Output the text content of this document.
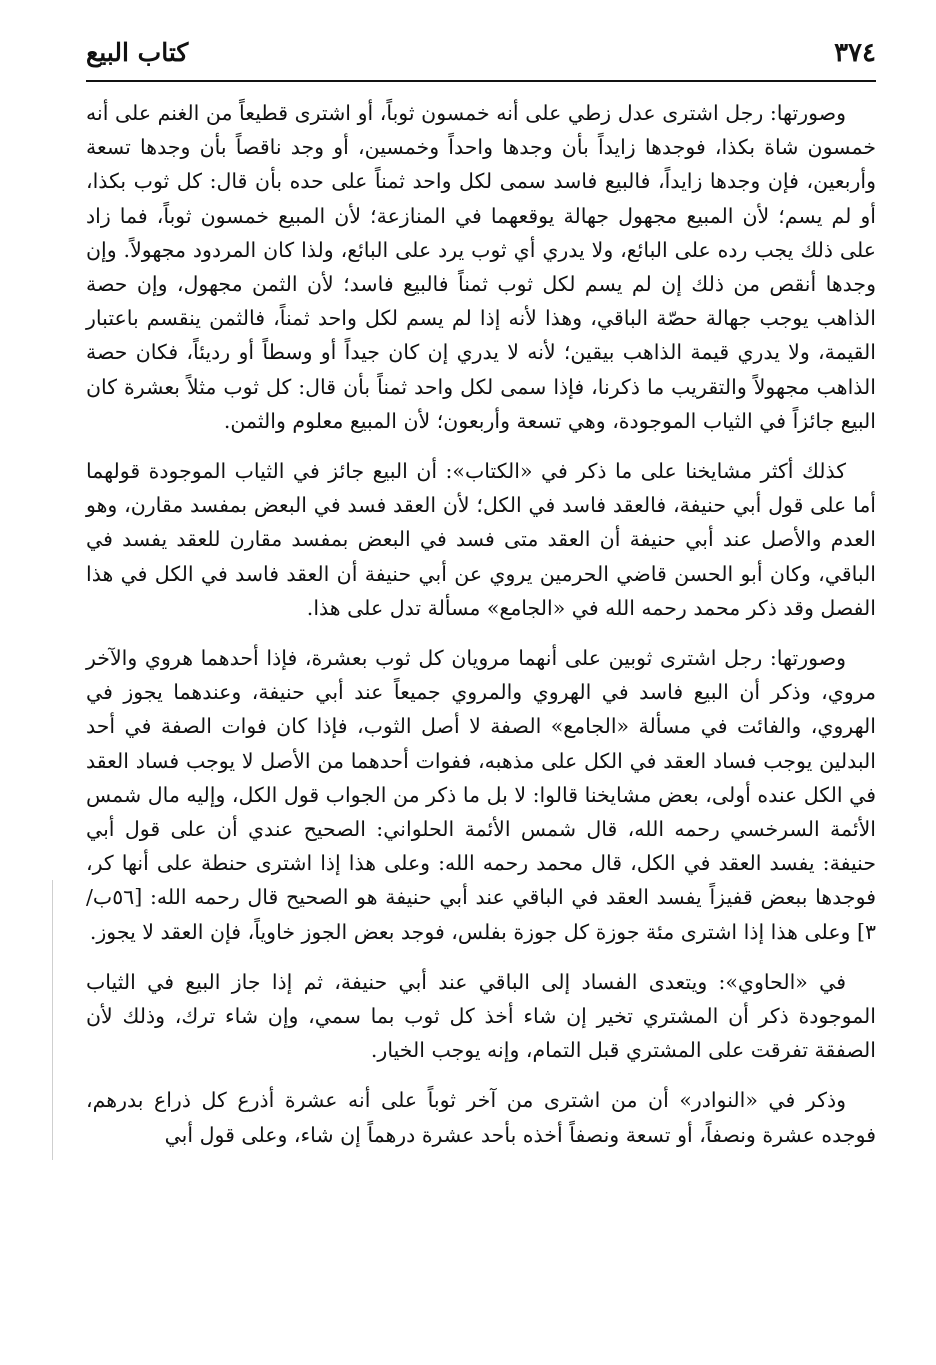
٣٧٤
كتاب البيع

وصورتها: رجل اشترى عدل زطي على أنه خمسون ثوباً، أو اشترى قطيعاً من الغنم على أنه خمسون شاة بكذا، فوجدها زايداً بأن وجدها واحداً وخمسين، أو وجد ناقصاً بأن وجدها تسعة وأربعين، فإن وجدها زايداً، فالبيع فاسد سمى لكل واحد ثمناً على حده بأن قال: كل ثوب بكذا، أو لم يسم؛ لأن المبيع مجهول جهالة يوقعهما في المنازعة؛ لأن المبيع خمسون ثوباً، فما زاد على ذلك يجب رده على البائع، ولا يدري أي ثوب يرد على البائع، ولذا كان المردود مجهولاً. وإن وجدها أنقص من ذلك إن لم يسم لكل ثوب ثمناً فالبيع فاسد؛ لأن الثمن مجهول، وإن حصة الذاهب يوجب جهالة حصّة الباقي، وهذا لأنه إذا لم يسم لكل واحد ثمناً، فالثمن ينقسم باعتبار القيمة، ولا يدري قيمة الذاهب بيقين؛ لأنه لا يدري إن كان جيداً أو وسطاً أو رديئاً، فكان حصة الذاهب مجهولاً والتقريب ما ذكرنا، فإذا سمى لكل واحد ثمناً بأن قال: كل ثوب مثلاً بعشرة كان البيع جائزاً في الثياب الموجودة، وهي تسعة وأربعون؛ لأن المبيع معلوم والثمن.

كذلك أكثر مشايخنا على ما ذكر في «الكتاب»: أن البيع جائز في الثياب الموجودة قولهما أما على قول أبي حنيفة، فالعقد فاسد في الكل؛ لأن العقد فسد في البعض بمفسد مقارن، وهو العدم والأصل عند أبي حنيفة أن العقد متى فسد في البعض بمفسد مقارن للعقد يفسد في الباقي، وكان أبو الحسن قاضي الحرمين يروي عن أبي حنيفة أن العقد فاسد في الكل في هذا الفصل وقد ذكر محمد رحمه الله في «الجامع» مسألة تدل على هذا.

وصورتها: رجل اشترى ثوبين على أنهما مرويان كل ثوب بعشرة، فإذا أحدهما هروي والآخر مروي، وذكر أن البيع فاسد في الهروي والمروي جميعاً عند أبي حنيفة، وعندهما يجوز في الهروي، والفائت في مسألة «الجامع» الصفة لا أصل الثوب، فإذا كان فوات الصفة في أحد البدلين يوجب فساد العقد في الكل على مذهبه، ففوات أحدهما من الأصل لا يوجب فساد العقد في الكل عنده أولى، بعض مشايخنا قالوا: لا بل ما ذكر من الجواب قول الكل، وإليه مال شمس الأئمة السرخسي رحمه الله، قال شمس الأئمة الحلواني: الصحيح عندي أن على قول أبي حنيفة: يفسد العقد في الكل، قال محمد رحمه الله: وعلى هذا إذا اشترى حنطة على أنها كر، فوجدها ببعض قفيزاً يفسد العقد في الباقي عند أبي حنيفة هو الصحيح قال رحمه الله: [٥٦ب/٣] وعلى هذا إذا اشترى مئة جوزة كل جوزة بفلس، فوجد بعض الجوز خاوياً، فإن العقد لا يجوز.

في «الحاوي»: ويتعدى الفساد إلى الباقي عند أبي حنيفة، ثم إذا جاز البيع في الثياب الموجودة ذكر أن المشتري تخير إن شاء أخذ كل ثوب بما سمي، وإن شاء ترك، وذلك لأن الصفقة تفرقت على المشتري قبل التمام، وإنه يوجب الخيار.

وذكر في «النوادر» أن من اشترى من آخر ثوباً على أنه عشرة أذرع كل ذراع بدرهم، فوجده عشرة ونصفاً، أو تسعة ونصفاً أخذه بأحد عشرة درهماً إن شاء، وعلى قول أبي
